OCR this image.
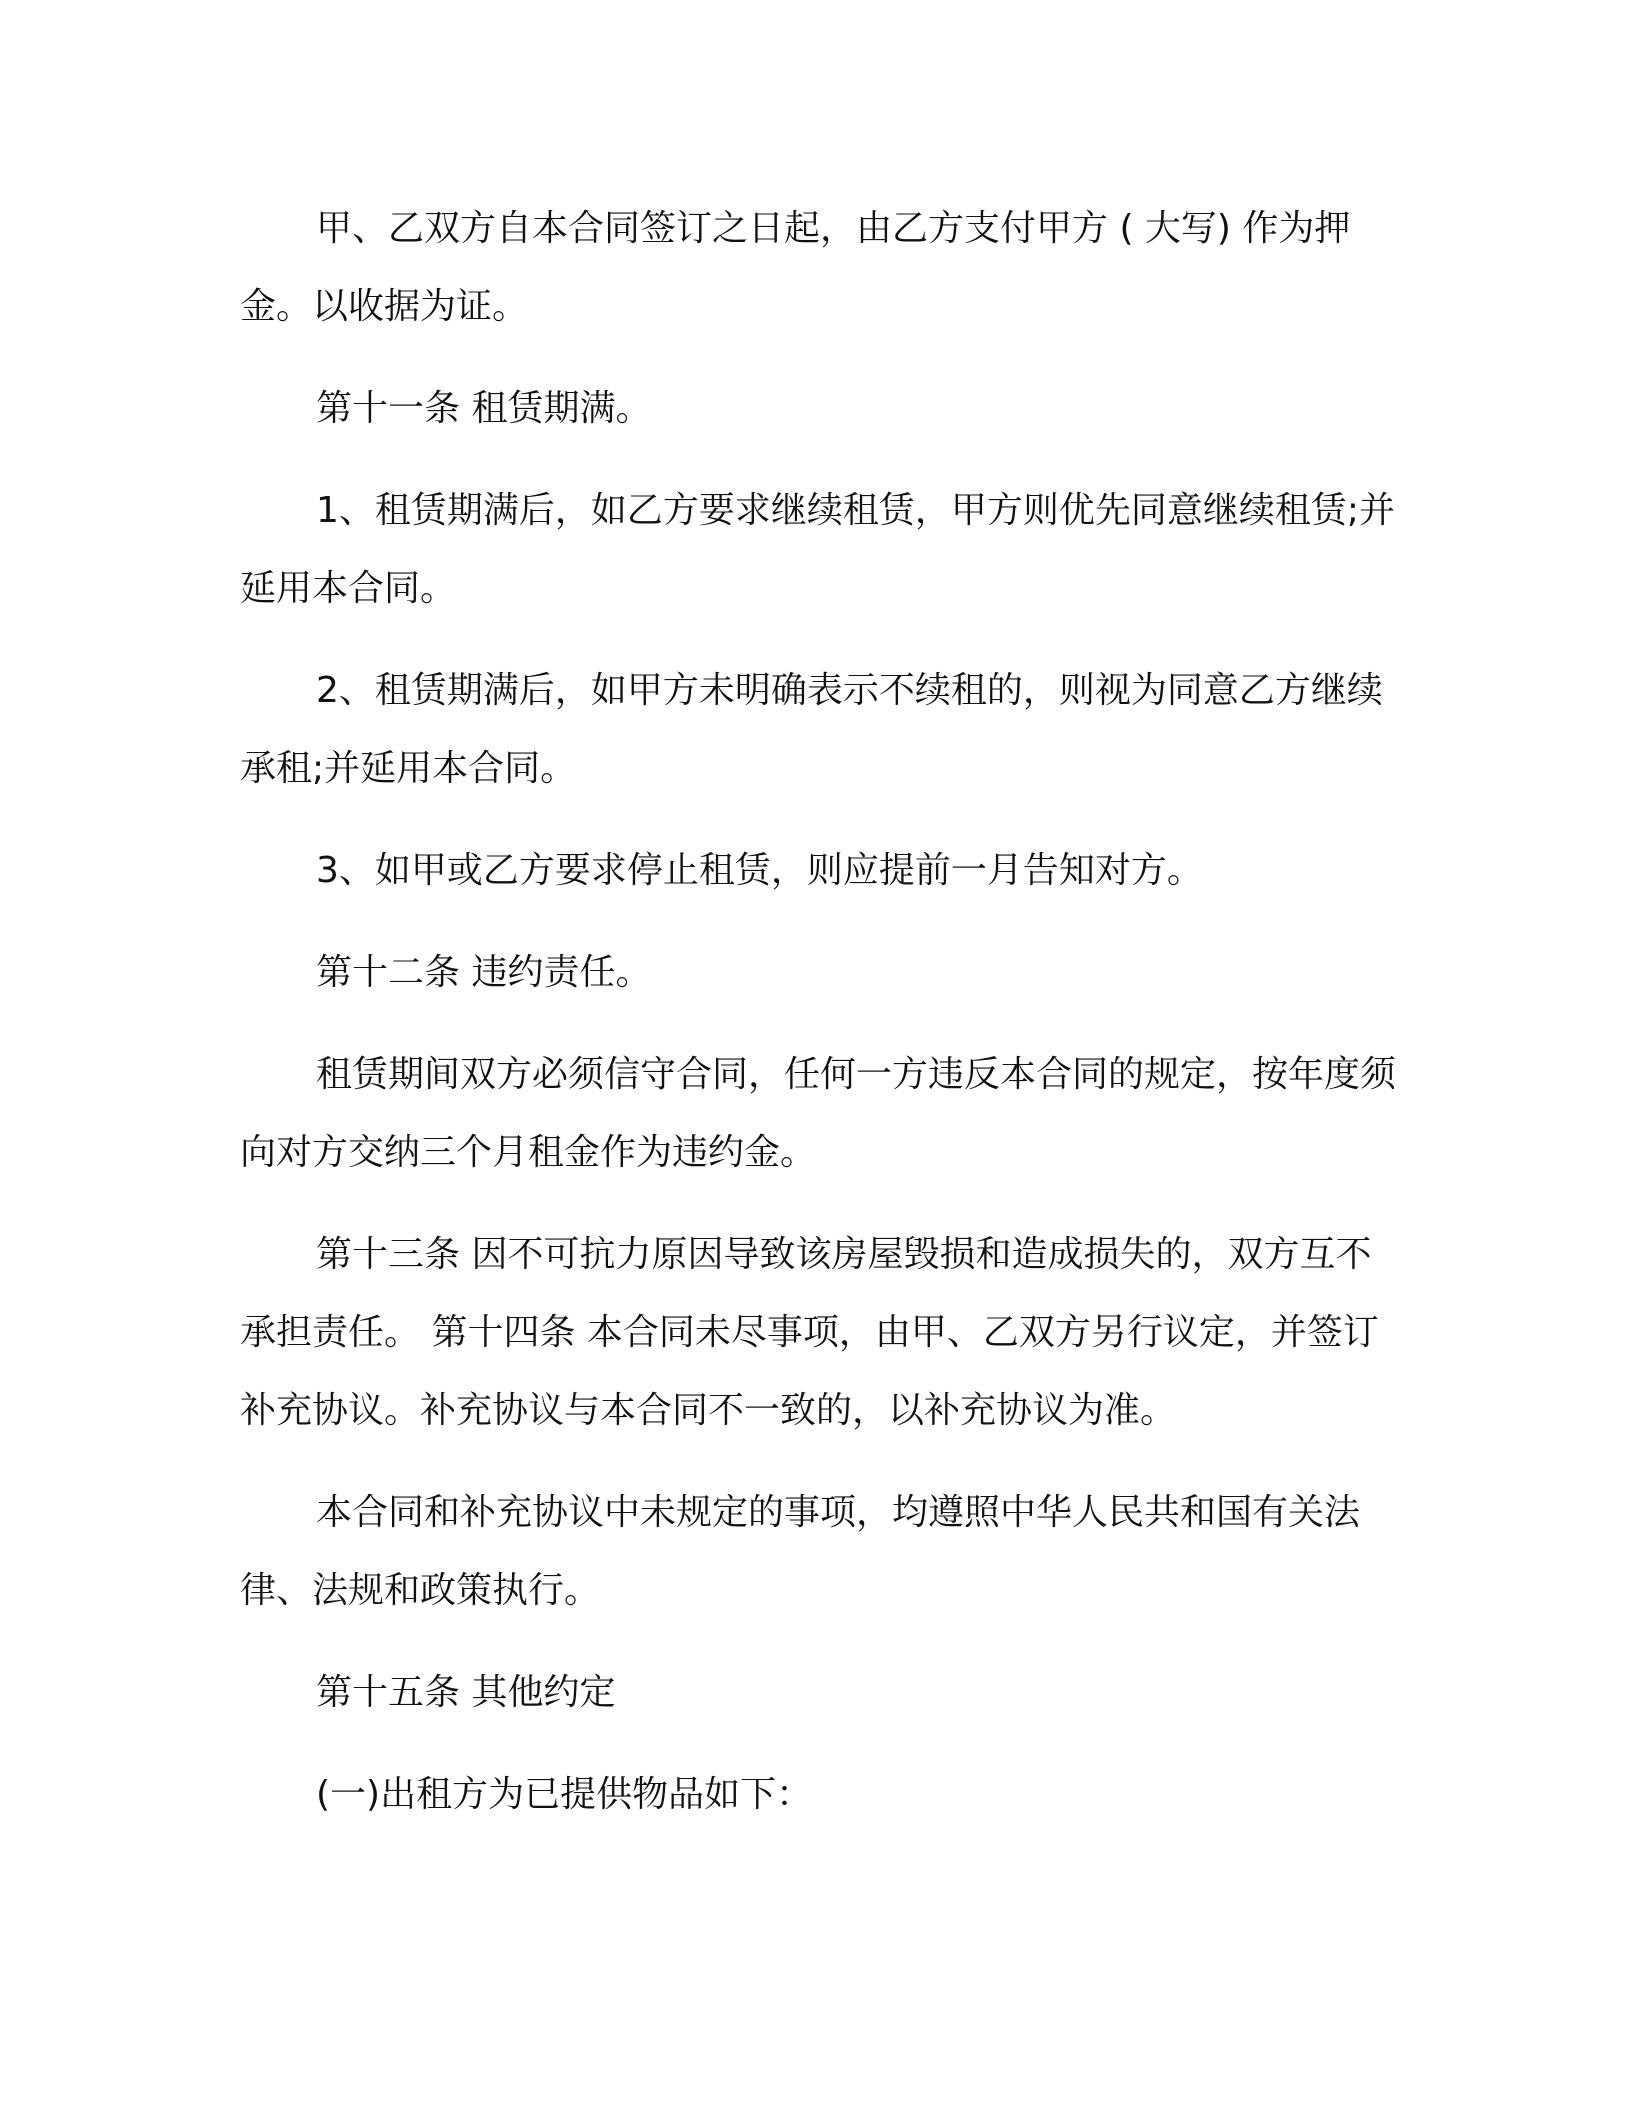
甲、乙双方自本合同签订之日起，由乙方支付甲方 ( 大写) 作为押金。以收据为证。

第十一条 租赁期满。

1、租赁期满后，如乙方要求继续租赁，甲方则优先同意继续租赁;并延用本合同。

2、租赁期满后，如甲方未明确表示不续租的，则视为同意乙方继续承租;并延用本合同。

3、如甲或乙方要求停止租赁，则应提前一月告知对方。

第十二条 违约责任。

租赁期间双方必须信守合同，任何一方违反本合同的规定，按年度须向对方交纳三个月租金作为违约金。

第十三条 因不可抗力原因导致该房屋毁损和造成损失的，双方互不承担责任。 第十四条 本合同未尽事项，由甲、乙双方另行议定，并签订补充协议。补充协议与本合同不一致的，以补充协议为准。

本合同和补充协议中未规定的事项，均遵照中华人民共和国有关法律、法规和政策执行。

第十五条 其他约定

(一)出租方为已提供物品如下：
